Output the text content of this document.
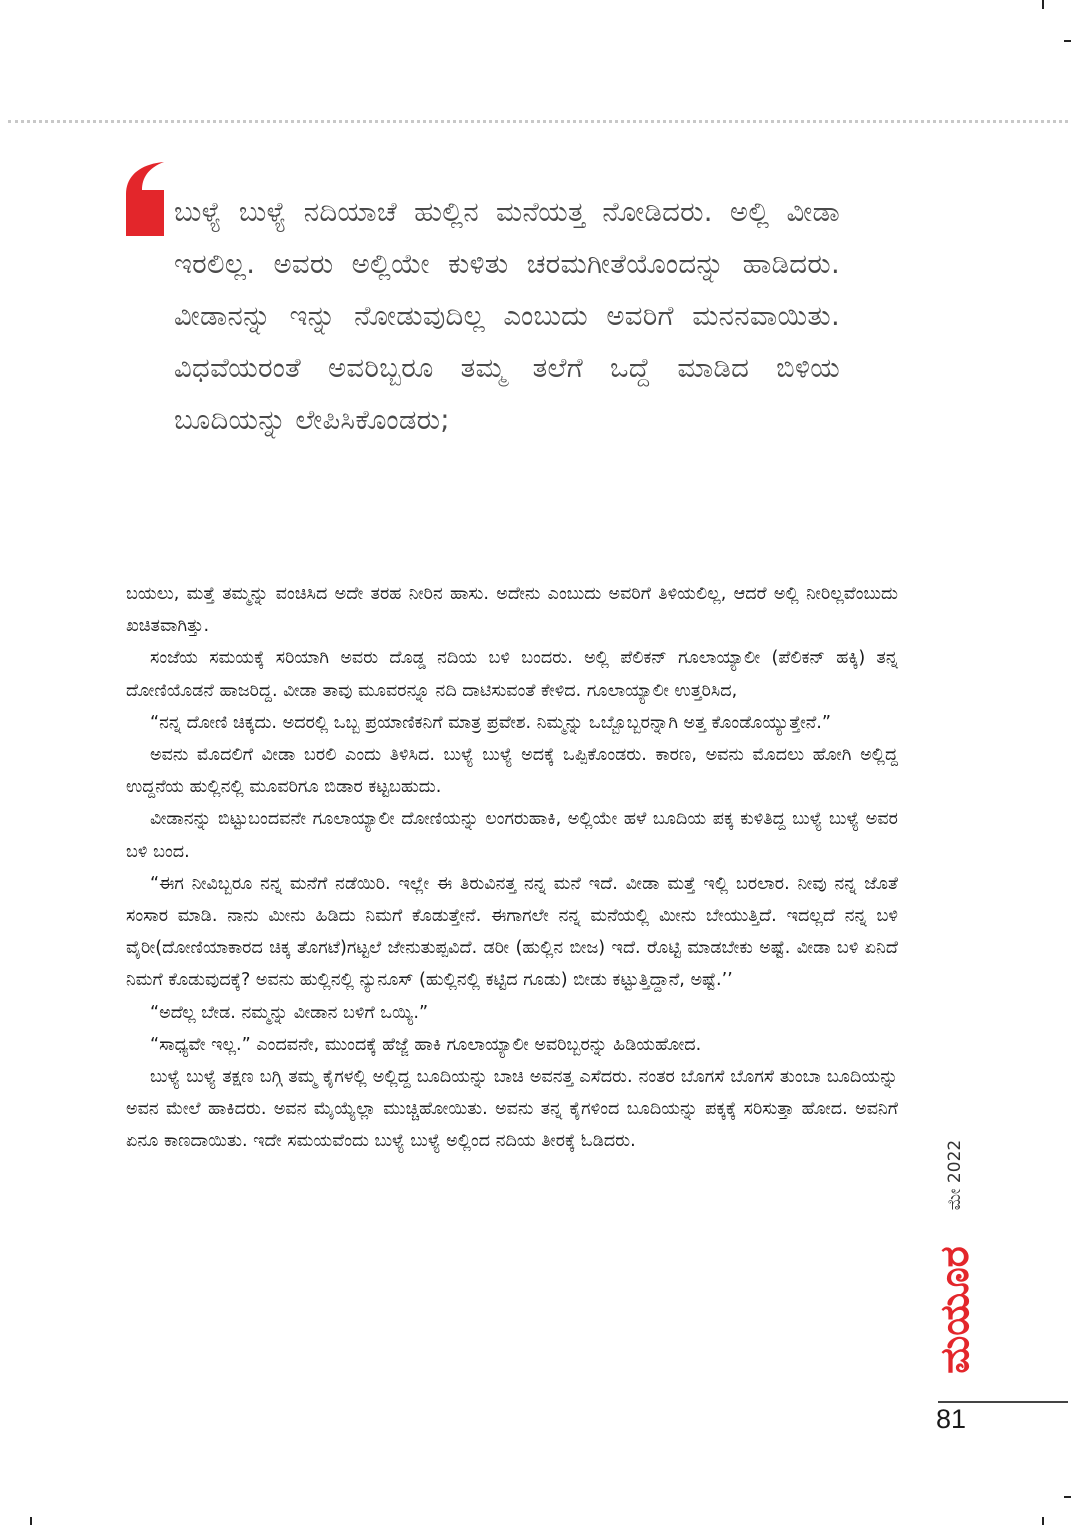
ಬುಳ್ಯೆ ಬುಳ್ಯೆ ನದಿಯಾಚೆ ಹುಲ್ಲಿನ ಮನೆಯತ್ತ ನೋಡಿದರು. ಅಲ್ಲಿ ವೀಡಾ ಇರಲಿಲ್ಲ. ಅವರು ಅಲ್ಲಿಯೇ ಕುಳಿತು ಚರಮಗೀತೆಯೊಂದನ್ನು ಹಾಡಿದರು. ವೀಡಾನನ್ನು ಇನ್ನು ನೋಡುವುದಿಲ್ಲ ಎಂಬುದು ಅವರಿಗೆ ಮನನವಾಯಿತು. ವಿಧವೆಯರಂತೆ ಅವರಿಬ್ಬರೂ ತಮ್ಮ ತಲೆಗೆ ಒದ್ದೆ ಮಾಡಿದ ಬಿಳಿಯ ಬೂದಿಯನ್ನು ಲೇಪಿಸಿಕೊಂಡರು;

ಬಯಲು, ಮತ್ತೆ ತಮ್ಮನ್ನು ವಂಚಿಸಿದ ಅದೇ ತರಹ ನೀರಿನ ಹಾಸು. ಅದೇನು ಎಂಬುದು ಅವರಿಗೆ ತಿಳಿಯಲಿಲ್ಲ, ಆದರೆ ಅಲ್ಲಿ ನೀರಿಲ್ಲವೆಂಬುದು ಖಚಿತವಾಗಿತ್ತು.

ಸಂಜೆಯ ಸಮಯಕ್ಕೆ ಸರಿಯಾಗಿ ಅವರು ದೊಡ್ಡ ನದಿಯ ಬಳಿ ಬಂದರು. ಅಲ್ಲಿ ಪೆಲಿಕನ್ ಗೂಲಾಯ್ಯಾಲೀ (ಪೆಲಿಕನ್ ಹಕ್ಕಿ) ತನ್ನ ದೋಣಿಯೊಡನೆ ಹಾಜರಿದ್ದ. ವೀಡಾ ತಾವು ಮೂವರನ್ನೂ ನದಿ ದಾಟಿಸುವಂತೆ ಕೇಳಿದ. ಗೂಲಾಯ್ಯಾಲೀ ಉತ್ತರಿಸಿದ,

“ನನ್ನ ದೋಣಿ ಚಿಕ್ಕದು. ಅದರಲ್ಲಿ ಒಬ್ಬ ಪ್ರಯಾಣಿಕನಿಗೆ ಮಾತ್ರ ಪ್ರವೇಶ. ನಿಮ್ಮನ್ನು ಒಬ್ಬೊಬ್ಬರನ್ನಾಗಿ ಅತ್ತ ಕೊಂಡೊಯ್ಯುತ್ತೇನೆ.”

ಅವನು ಮೊದಲಿಗೆ ವೀಡಾ ಬರಲಿ ಎಂದು ತಿಳಿಸಿದ. ಬುಳ್ಯೆ ಬುಳ್ಯೆ ಅದಕ್ಕೆ ಒಪ್ಪಿಕೊಂಡರು. ಕಾರಣ, ಅವನು ಮೊದಲು ಹೋಗಿ ಅಲ್ಲಿದ್ದ ಉದ್ದನೆಯ ಹುಲ್ಲಿನಲ್ಲಿ ಮೂವರಿಗೂ ಬಿಡಾರ ಕಟ್ಟಬಹುದು.

ವೀಡಾನನ್ನು ಬಿಟ್ಟುಬಂದವನೇ ಗೂಲಾಯ್ಯಾಲೀ ದೋಣಿಯನ್ನು ಲಂಗರುಹಾಕಿ, ಅಲ್ಲಿಯೇ ಹಳೆ ಬೂದಿಯ ಪಕ್ಕ ಕುಳಿತಿದ್ದ ಬುಳ್ಯೆ ಬುಳ್ಯೆ ಅವರ ಬಳಿ ಬಂದ.

“ಈಗ ನೀವಿಬ್ಬರೂ ನನ್ನ ಮನೆಗೆ ನಡೆಯಿರಿ. ಇಲ್ಲೇ ಈ ತಿರುವಿನತ್ತ ನನ್ನ ಮನೆ ಇದೆ. ವೀಡಾ ಮತ್ತೆ ಇಲ್ಲಿ ಬರಲಾರ. ನೀವು ನನ್ನ ಜೊತೆ ಸಂಸಾರ ಮಾಡಿ. ನಾನು ಮೀನು ಹಿಡಿದು ನಿಮಗೆ ಕೊಡುತ್ತೇನೆ. ಈಗಾಗಲೇ ನನ್ನ ಮನೆಯಲ್ಲಿ ಮೀನು ಬೇಯುತ್ತಿದೆ. ಇದಲ್ಲದೆ ನನ್ನ ಬಳಿ ವೈರೀ(ದೋಣಿಯಾಕಾರದ ಚಿಕ್ಕ ತೊಗಟೆ)ಗಟ್ಟಲೆ ಜೇನುತುಪ್ಪವಿದೆ. ಡರೀ (ಹುಲ್ಲಿನ ಬೀಜ) ಇದೆ. ರೊಟ್ಟಿ ಮಾಡಬೇಕು ಅಷ್ಟೆ. ವೀಡಾ ಬಳಿ ಏನಿದೆ ನಿಮಗೆ ಕೊಡುವುದಕ್ಕೆ? ಅವನು ಹುಲ್ಲಿನಲ್ಲಿ ನ್ಯುನೂಸ್ (ಹುಲ್ಲಿನಲ್ಲಿ ಕಟ್ಟಿದ ಗೂಡು) ಬೀಡು ಕಟ್ಟುತ್ತಿದ್ದಾನೆ, ಅಷ್ಟೆ.’’

“ಅದೆಲ್ಲ ಬೇಡ. ನಮ್ಮನ್ನು ವೀಡಾನ ಬಳಿಗೆ ಒಯ್ಯಿ.”

“ಸಾಧ್ಯವೇ ಇಲ್ಲ.” ಎಂದವನೇ, ಮುಂದಕ್ಕೆ ಹೆಜ್ಜೆ ಹಾಕಿ ಗೂಲಾಯ್ಯಾಲೀ ಅವರಿಬ್ಬರನ್ನು ಹಿಡಿಯಹೋದ.

ಬುಳ್ಯೆ ಬುಳ್ಯೆ ತಕ್ಷಣ ಬಗ್ಗಿ ತಮ್ಮ ಕೈಗಳಲ್ಲಿ ಅಲ್ಲಿದ್ದ ಬೂದಿಯನ್ನು ಬಾಚಿ ಅವನತ್ತ ಎಸೆದರು. ನಂತರ ಬೊಗಸೆ ಬೊಗಸೆ ತುಂಬಾ ಬೂದಿಯನ್ನು ಅವನ ಮೇಲೆ ಹಾಕಿದರು. ಅವನ ಮೈಯ್ಯೆಲ್ಲಾ ಮುಚ್ಚಿಹೋಯಿತು. ಅವನು ತನ್ನ ಕೈಗಳಿಂದ ಬೂದಿಯನ್ನು ಪಕ್ಕಕ್ಕೆ ಸರಿಸುತ್ತಾ ಹೋದ. ಅವನಿಗೆ ಏನೂ ಕಾಣದಾಯಿತು. ಇದೇ ಸಮಯವೆಂದು ಬುಳ್ಯೆ ಬುಳ್ಯೆ ಅಲ್ಲಿಂದ ನದಿಯ ತೀರಕ್ಕೆ ಓಡಿದರು.	ಮೇ 2022
ಮಯೂರ
81
